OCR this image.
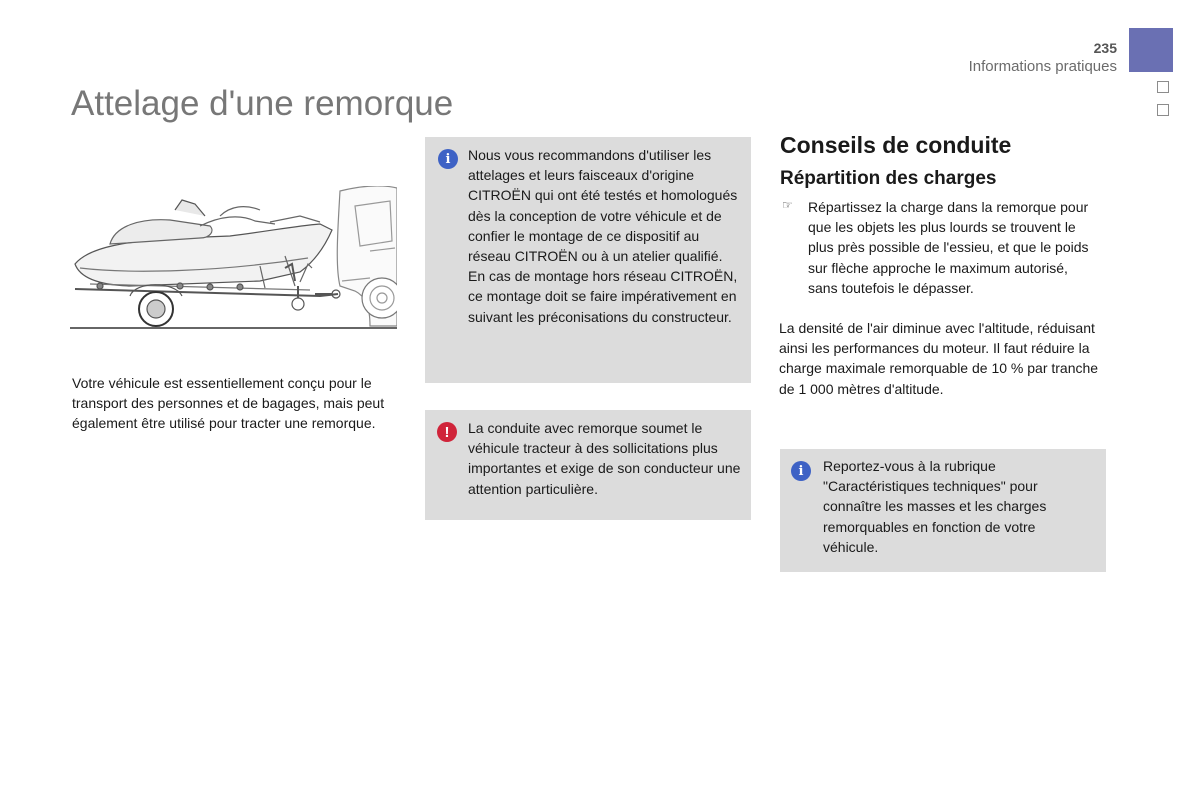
235
Informations pratiques
Attelage d'une remorque

Votre véhicule est essentiellement conçu pour le transport des personnes et de bagages, mais peut également être utilisé pour tracter une remorque.

i	Nous vous recommandons d'utiliser les attelages et leurs faisceaux d'origine CITROËN qui ont été testés et homologués dès la conception de votre véhicule et de confier le montage de ce dispositif au réseau CITROËN ou à un atelier qualifié.

En cas de montage hors réseau CITROËN, ce montage doit se faire impérativement en suivant les préconisations du constructeur.

!	La conduite avec remorque soumet le véhicule tracteur à des sollicitations plus importantes et exige de son conducteur une attention particulière.

Conseils de conduite
Répartition des charges
☞ Répartissez la charge dans la remorque pour que les objets les plus lourds se trouvent le plus près possible de l'essieu, et que le poids sur flèche approche le maximum autorisé, sans toutefois le dépasser.

La densité de l'air diminue avec l'altitude, réduisant ainsi les performances du moteur. Il faut réduire la charge maximale remorquable de 10 % par tranche de 1 000 mètres d'altitude.

i	Reportez-vous à la rubrique "Caractéristiques techniques" pour connaître les masses et les charges remorquables en fonction de votre véhicule.
